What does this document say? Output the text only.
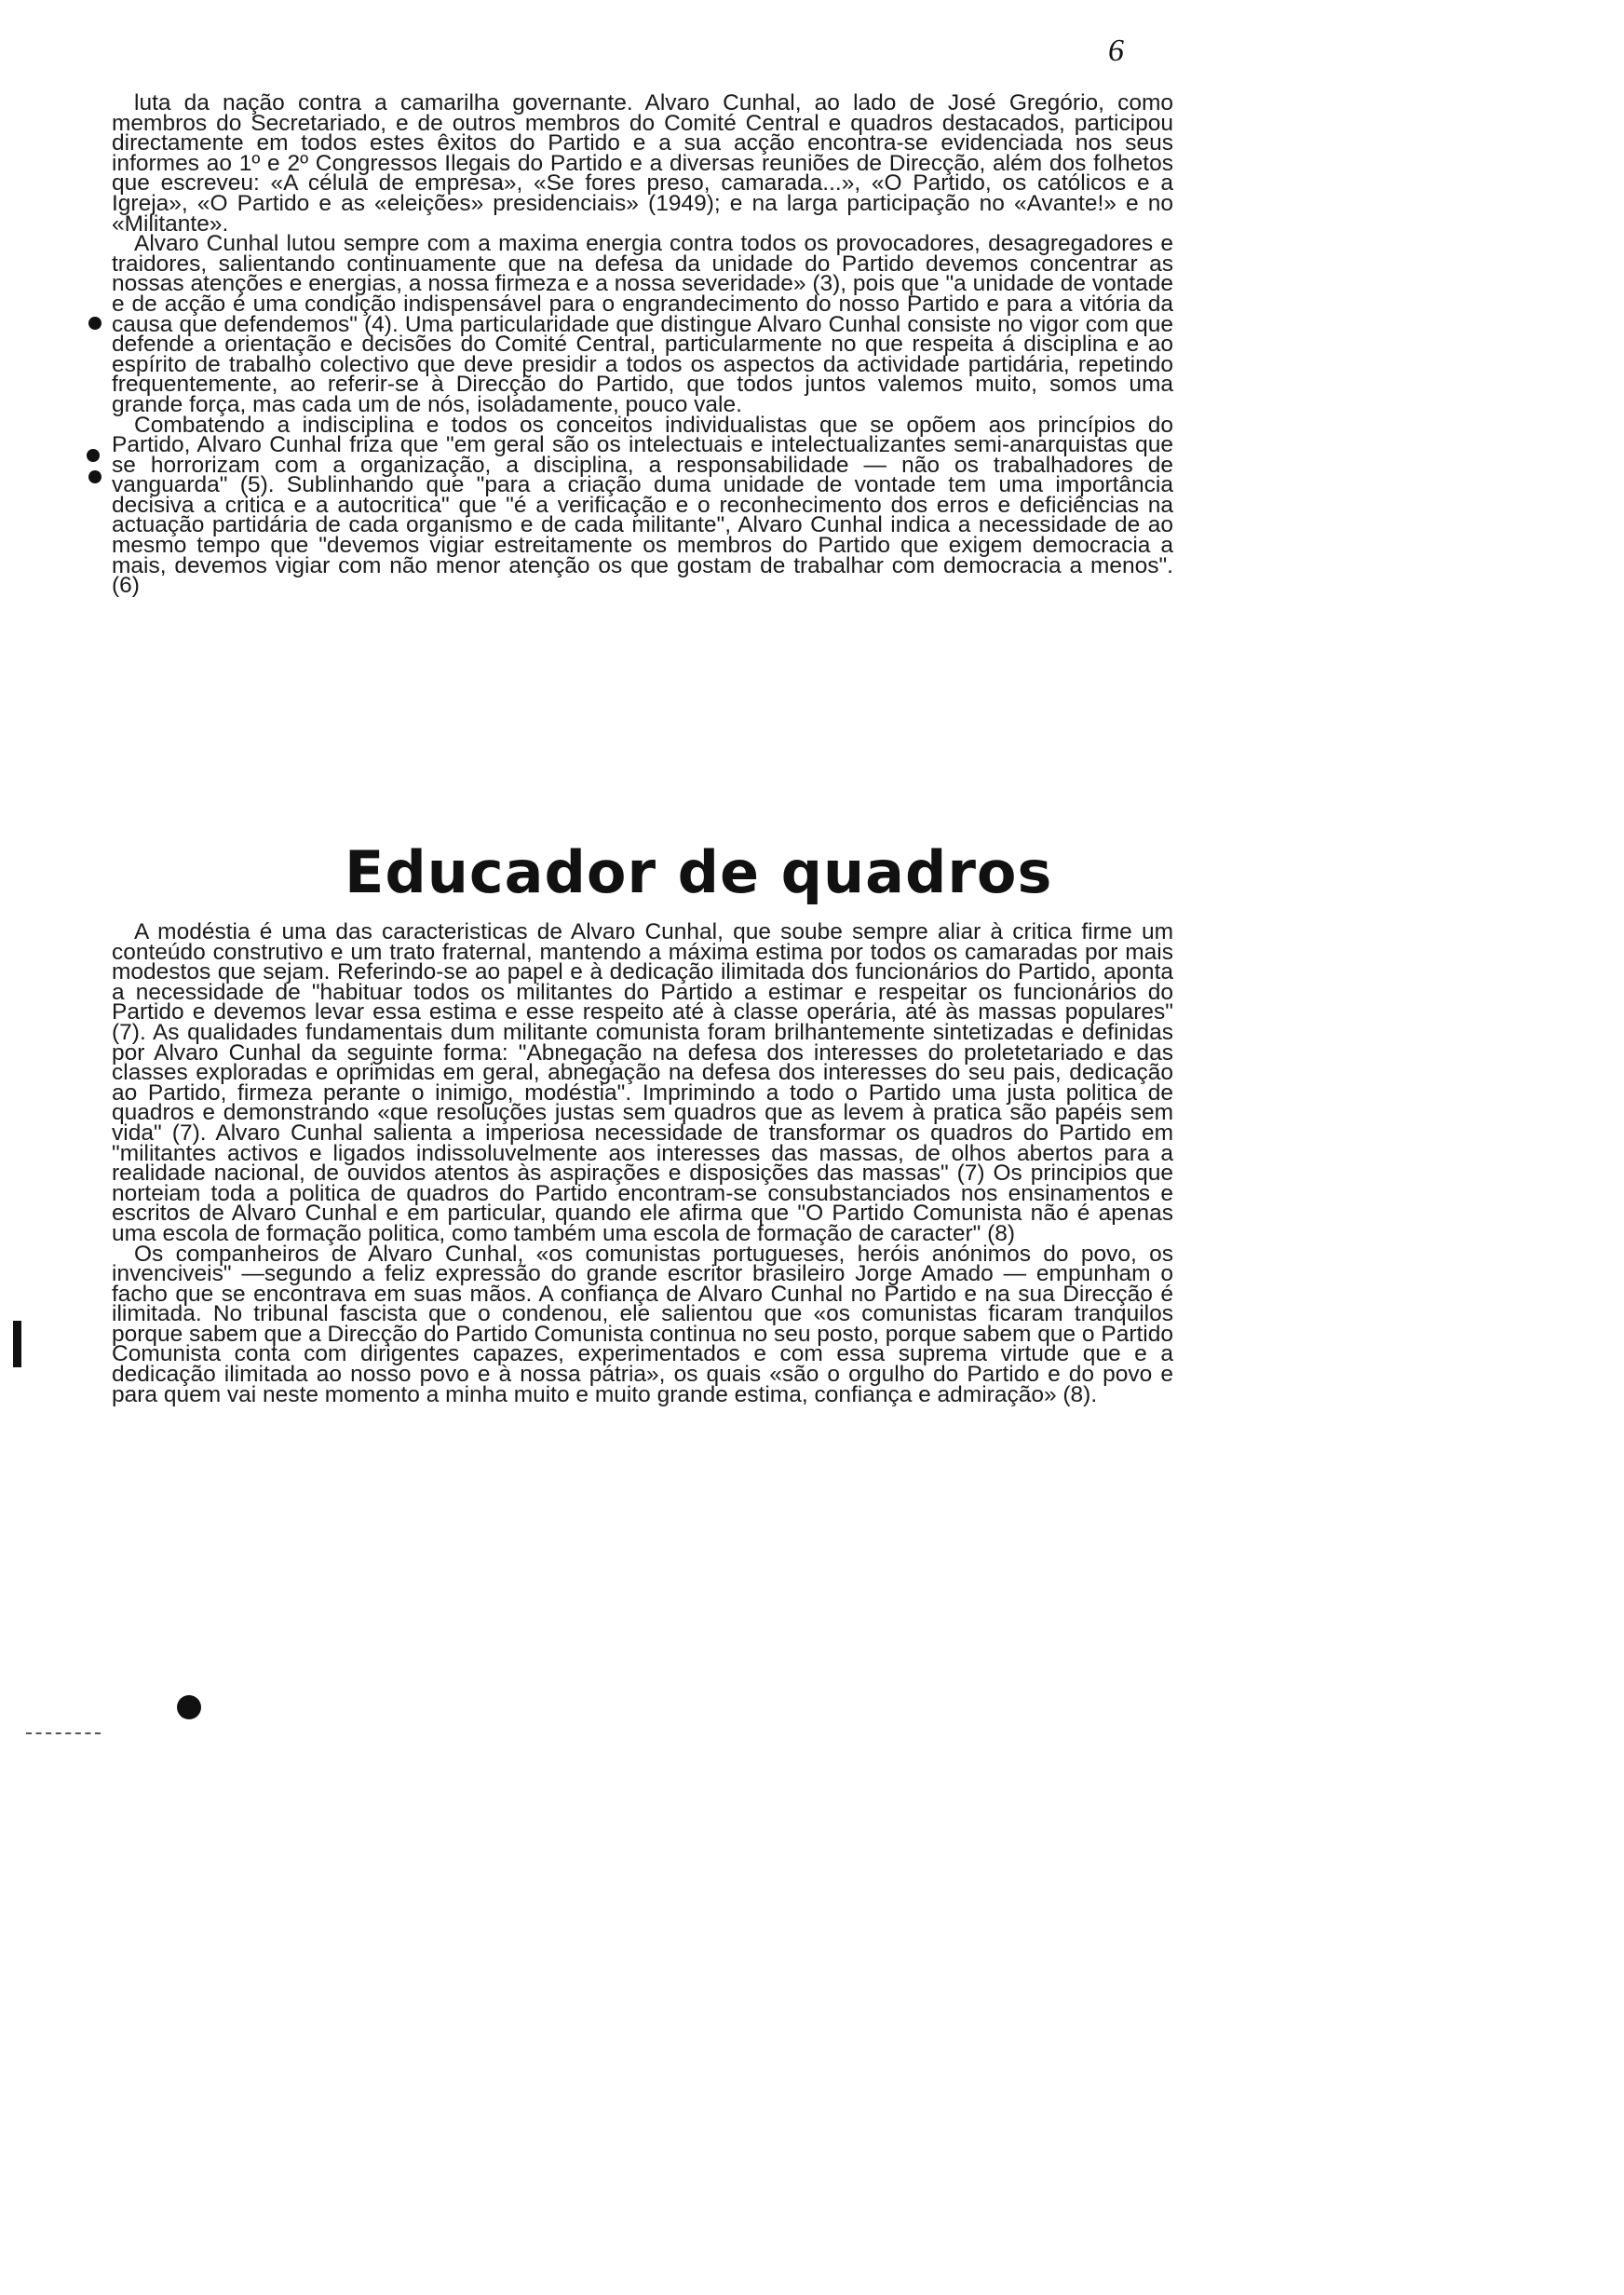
6

luta da nação contra a camarilha governante. Alvaro Cunhal, ao lado de José Gregório, como membros do Secretariado, e de outros membros do Comité Central e quadros destacados, participou directamente em todos estes êxitos do Partido e a sua acção encontra-se evidenciada nos seus informes ao 1º e 2º Congressos Ilegais do Partido e a diversas reuniões de Direcção, além dos folhetos que escreveu: «A célula de empresa», «Se fores preso, camarada...», «O Partido, os católicos e a Igreja», «O Partido e as «eleições» presidenciais» (1949); e na larga participação no «Avante!» e no «Militante».

Alvaro Cunhal lutou sempre com a maxima energia contra todos os provocadores, desagregadores e traidores, salientando continuamente que na defesa da unidade do Partido devemos concentrar as nossas atenções e energias, a nossa firmeza e a nossa severidade» (3), pois que "a unidade de vontade e de acção é uma condição indispensável para o engrandecimento do nosso Partido e para a vitória da causa que defendemos" (4). Uma particularidade que distingue Alvaro Cunhal consiste no vigor com que defende a orientação e decisões do Comité Central, particularmente no que respeita á disciplina e ao espírito de trabalho colectivo que deve presidir a todos os aspectos da actividade partidária, repetindo frequentemente, ao referir-se à Direcção do Partido, que todos juntos valemos muito, somos uma grande força, mas cada um de nós, isoladamente, pouco vale.

Combatendo a indisciplina e todos os conceitos individualistas que se opõem aos princípios do Partido, Alvaro Cunhal friza que "em geral são os intelectuais e intelectualizantes semi-anarquistas que se horrorizam com a organização, a disciplina, a responsabilidade — não os trabalhadores de vanguarda" (5). Sublinhando que "para a criação duma unidade de vontade tem uma importância decisiva a critica e a autocritica" que "é a verificação e o reconhecimento dos erros e deficiências na actuação partidária de cada organismo e de cada militante", Alvaro Cunhal indica a necessidade de ao mesmo tempo que "devemos vigiar estreitamente os membros do Partido que exigem democracia a mais, devemos vigiar com não menor atenção os que gostam de trabalhar com democracia a menos". (6)

Educador de quadros

A modéstia é uma das caracteristicas de Alvaro Cunhal, que soube sempre aliar à critica firme um conteúdo construtivo e um trato fraternal, mantendo a máxima estima por todos os camaradas por mais modestos que sejam. Referindo-se ao papel e à dedicação ilimitada dos funcionários do Partido, aponta a necessidade de "habituar todos os militantes do Partido a estimar e respeitar os funcionários do Partido e devemos levar essa estima e esse respeito até à classe operária, até às massas populares" (7). As qualidades fundamentais dum militante comunista foram brilhantemente sintetizadas e definidas por Alvaro Cunhal da seguinte forma: "Abnegação na defesa dos interesses do proletetariado e das classes exploradas e oprimidas em geral, abnegação na defesa dos interesses do seu pais, dedicação ao Partido, firmeza perante o inimigo, modéstia". Imprimindo a todo o Partido uma justa politica de quadros e demonstrando «que resoluções justas sem quadros que as levem à pratica são papéis sem vida" (7). Alvaro Cunhal salienta a imperiosa necessidade de transformar os quadros do Partido em "militantes activos e ligados indissoluvelmente aos interesses das massas, de olhos abertos para a realidade nacional, de ouvidos atentos às aspirações e disposições das massas" (7) Os principios que norteiam toda a politica de quadros do Partido encontram-se consubstanciados nos ensinamentos e escritos de Alvaro Cunhal e em particular, quando ele afirma que "O Partido Comunista não é apenas uma escola de formação politica, como também uma escola de formação de caracter" (8)

Os companheiros de Alvaro Cunhal, «os comunistas portugueses, heróis anónimos do povo, os invenciveis" —segundo a feliz expressão do grande escritor brasileiro Jorge Amado — empunham o facho que se encontrava em suas mãos. A confiança de Alvaro Cunhal no Partido e na sua Direcção é ilimitada. No tribunal fascista que o condenou, ele salientou que «os comunistas ficaram tranquilos porque sabem que a Direcção do Partido Comunista continua no seu posto, porque sabem que o Partido Comunista conta com dirigentes capazes, experimentados e com essa suprema virtude que e a dedicação ilimitada ao nosso povo e à nossa pátria», os quais «são o orgulho do Partido e do povo e para quem vai neste momento a minha muito e muito grande estima, confiança e admiração» (8).
